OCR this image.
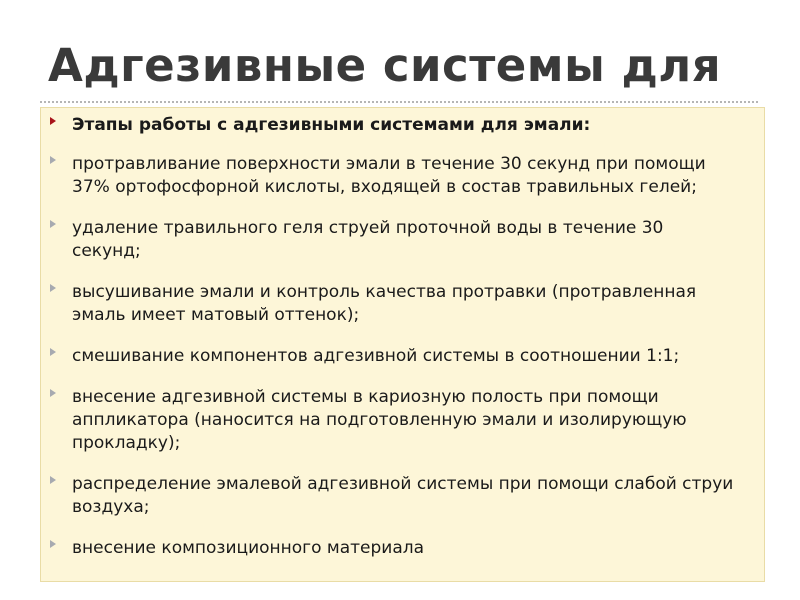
Адгезивные системы для
Этапы работы с адгезивными системами для эмали:
протравливание поверхности эмали в течение 30 секунд при помощи 37% ортофосфорной кислоты, входящей в состав травильных гелей;
удаление травильного геля струей проточной воды в течение 30 секунд;
высушивание эмали и контроль качества протравки (протравленная эмаль имеет матовый оттенок);
смешивание компонентов адгезивной системы в соотношении 1:1;
внесение адгезивной системы в кариозную полость при помощи аппликатора (наносится на подготовленную эмали и изолирующую прокладку);
распределение эмалевой адгезивной системы при помощи слабой струи воздуха;
внесение композиционного материала
